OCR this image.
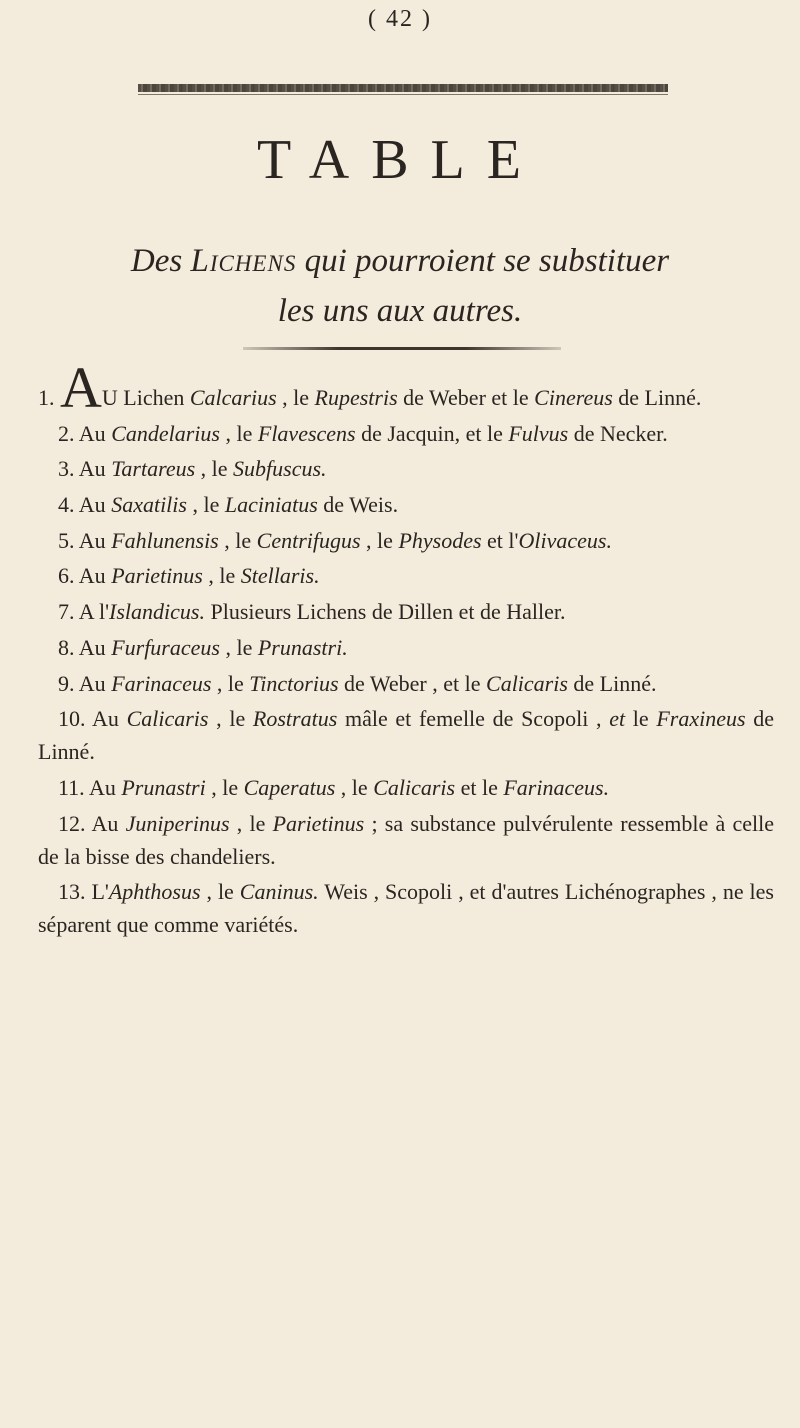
( 42 )
TABLE
Des Lichens qui pourroient se substituer
les uns aux autres.

1. AU Lichen Calcarius , le Rupestris de Weber et le Cinereus de Linné.

2. Au Candelarius , le Flavescens de Jacquin, et le Fulvus de Necker.

3. Au Tartareus , le Subfuscus.

4. Au Saxatilis , le Laciniatus de Weis.

5. Au Fahlunensis , le Centrifugus , le Physodes et l'Olivaceus.

6. Au Parietinus , le Stellaris.

7. A l'Islandicus. Plusieurs Lichens de Dillen et de Haller.

8. Au Furfuraceus , le Prunastri.

9. Au Farinaceus , le Tinctorius de Weber , et le Calicaris de Linné.

10. Au Calicaris , le Rostratus mâle et femelle de Scopoli , et le Fraxineus de Linné.

11. Au Prunastri , le Caperatus , le Calicaris et le Farinaceus.

12. Au Juniperinus , le Parietinus ; sa substance pulvérulente ressemble à celle de la bisse des chandeliers.

13. L'Aphthosus , le Caninus. Weis , Scopoli , et d'autres Lichénographes , ne les séparent que comme variétés.
